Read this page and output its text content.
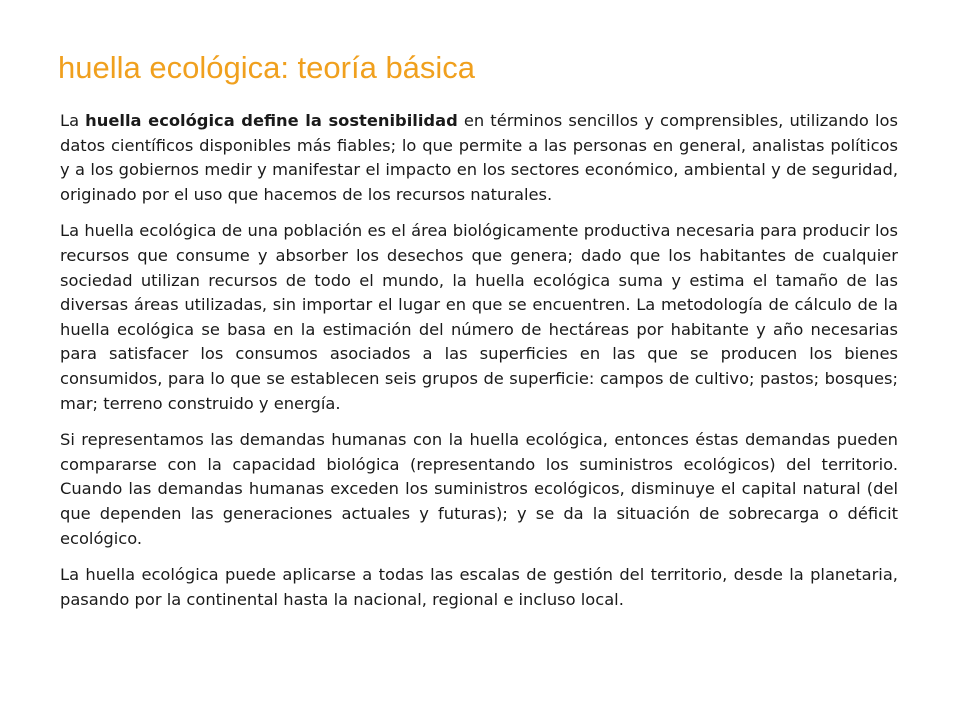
huella ecológica: teoría básica

La huella ecológica define la sostenibilidad en términos sencillos y comprensibles, utilizando los datos científicos disponibles más fiables; lo que permite a las personas en general, analistas políticos y a los gobiernos medir y manifestar el impacto en los sectores económico, ambiental y de seguridad, originado por el uso que hacemos de los recursos naturales.

La huella ecológica de una población es el área biológicamente productiva necesaria para producir los recursos que consume y absorber los desechos que genera; dado que los habitantes de cualquier sociedad utilizan recursos de todo el mundo, la huella ecológica suma y estima el tamaño de las diversas áreas utilizadas, sin importar el lugar en que se encuentren. La metodología de cálculo de la huella ecológica se basa en la estimación del número de hectáreas por habitante y año necesarias para satisfacer los consumos asociados a las superficies en las que se producen los bienes consumidos, para lo que se establecen seis grupos de superficie: campos de cultivo; pastos; bosques; mar; terreno construido y energía.

Si representamos las demandas humanas con la huella ecológica, entonces éstas demandas pueden compararse con la capacidad biológica (representando los suministros ecológicos) del territorio. Cuando las demandas humanas exceden los suministros ecológicos, disminuye el capital natural (del que dependen las generaciones actuales y futuras); y se da la situación de sobrecarga o déficit ecológico.

La huella ecológica puede aplicarse a todas las escalas de gestión del territorio, desde la planetaria, pasando por la continental hasta la nacional, regional e incluso local.
